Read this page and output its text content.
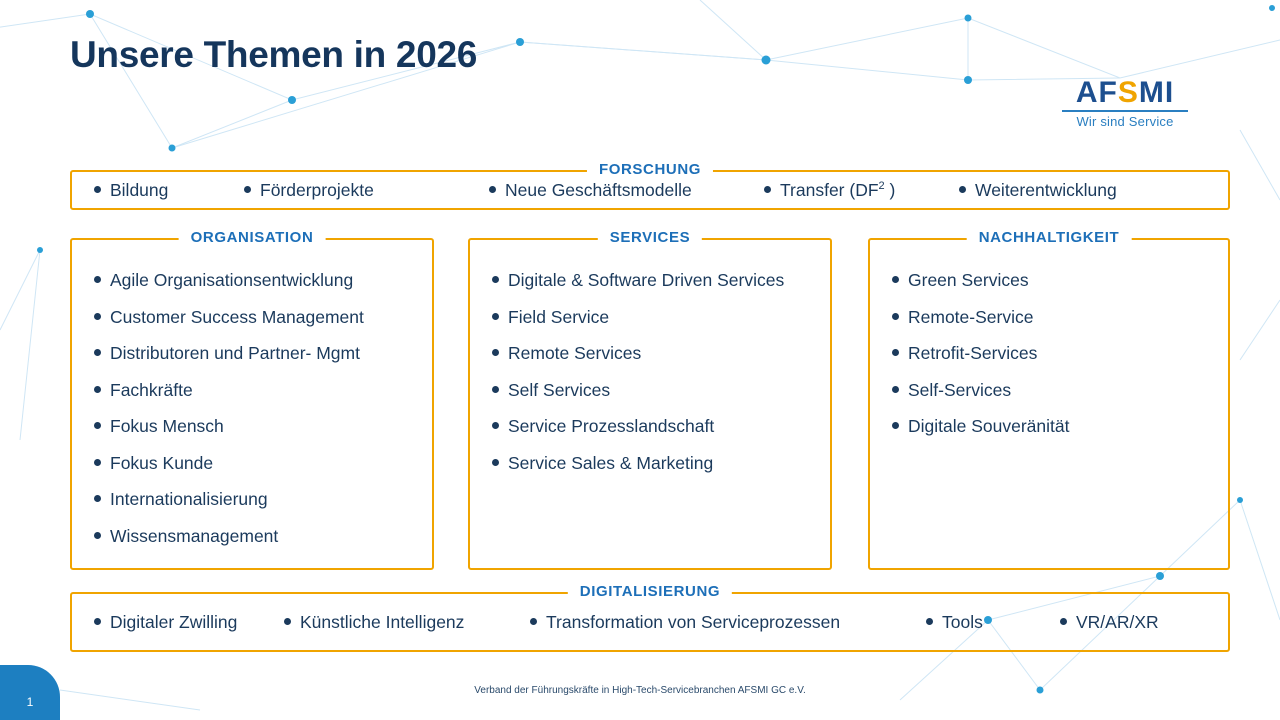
Unsere Themen in 2026
AFSMI
Wir sind Service
FORSCHUNG
Bildung	Förderprojekte	Neue Geschäftsmodelle	Transfer ($DF^2$ )	Weiterentwicklung
ORGANISATION
Agile Organisationsentwicklung
Customer Success Management
Distributoren und Partner- Mgmt
Fachkräfte
Fokus Mensch
Fokus Kunde
Internationalisierung
Wissensmanagement
SERVICES
Digitale & Software Driven Services
Field Service
Remote Services
Self Services
Service Prozesslandschaft
Service Sales & Marketing
NACHHALTIGKEIT
Green Services
Remote-Service
Retrofit-Services
Self-Services
Digitale Souveränität
DIGITALISIERUNG
Digitaler Zwilling	Künstliche Intelligenz	Transformation von Serviceprozessen	Tools	VR/AR/XR
Verband der Führungskräfte in High-Tech-Servicebranchen AFSMI GC e.V.
1
